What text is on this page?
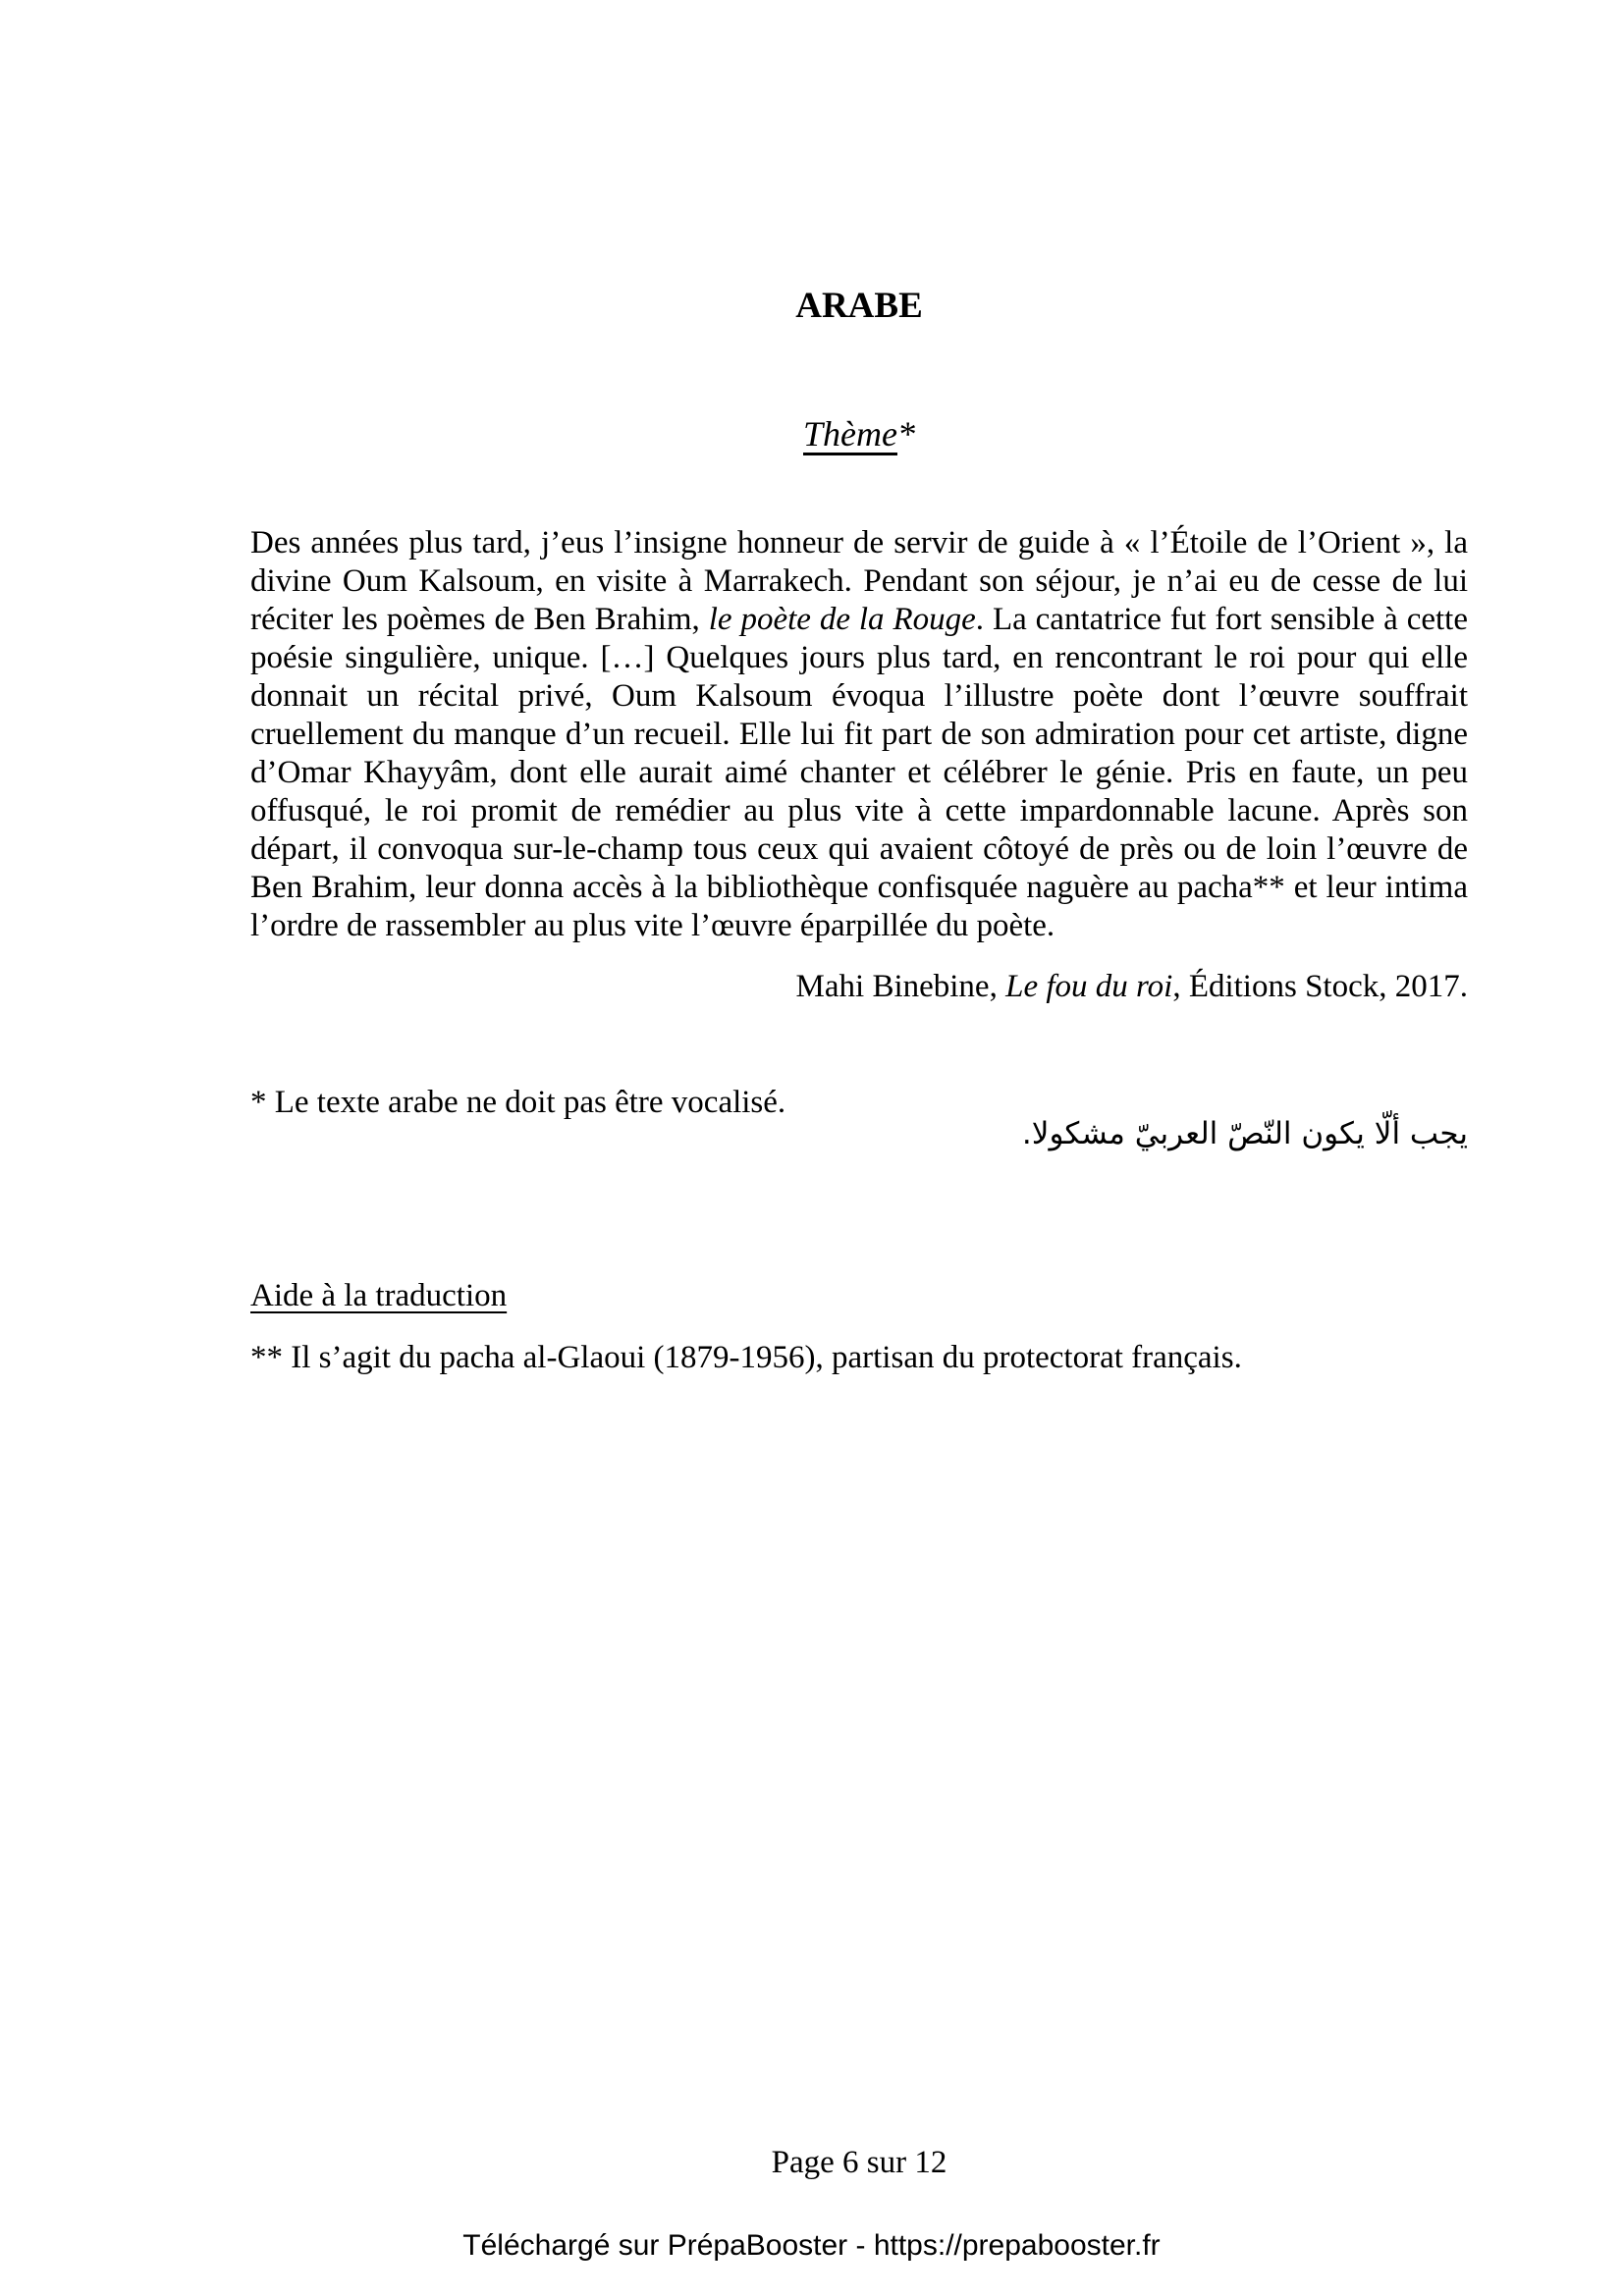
ARABE
Thème*
Des années plus tard, j’eus l’insigne honneur de servir de guide à « l’Étoile de l’Orient », la divine Oum Kalsoum, en visite à Marrakech. Pendant son séjour, je n’ai eu de cesse de lui réciter les poèmes de Ben Brahim, le poète de la Rouge. La cantatrice fut fort sensible à cette poésie singulière, unique. […] Quelques jours plus tard, en rencontrant le roi pour qui elle donnait un récital privé, Oum Kalsoum évoqua l’illustre poète dont l’œuvre souffrait cruellement du manque d’un recueil. Elle lui fit part de son admiration pour cet artiste, digne d’Omar Khayyâm, dont elle aurait aimé chanter et célébrer le génie. Pris en faute, un peu offusqué, le roi promit de remédier au plus vite à cette impardonnable lacune. Après son départ, il convoqua sur-le-champ tous ceux qui avaient côtoyé de près ou de loin l’œuvre de Ben Brahim, leur donna accès à la bibliothèque confisquée naguère au pacha** et leur intima l’ordre de rassembler au plus vite l’œuvre éparpillée du poète.
Mahi Binebine, Le fou du roi, Éditions Stock, 2017.
* Le texte arabe ne doit pas être vocalisé.
يجب ألّا يكون النّصّ العربيّ مشكولا.
Aide à la traduction
** Il s’agit du pacha al-Glaoui (1879-1956), partisan du protectorat français.
Page 6 sur 12
Téléchargé sur PrépaBooster - https://prepabooster.fr
